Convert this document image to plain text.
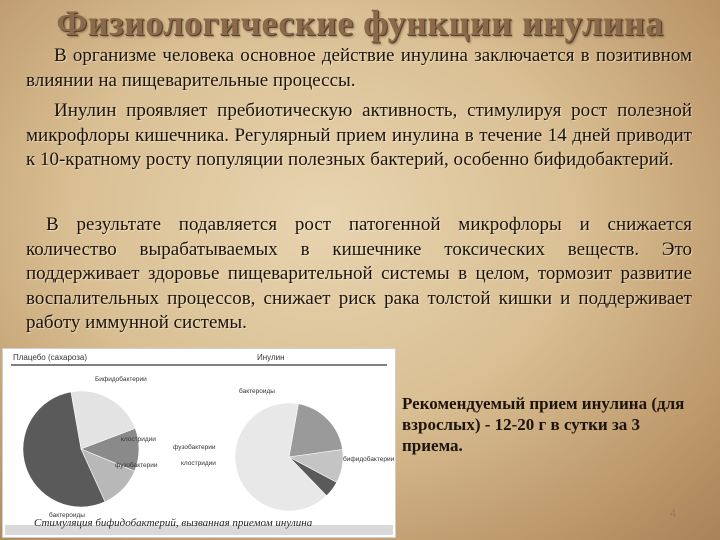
Физиологические функции инулина

В организме человека основное действие инулина заключается в позитивном влиянии на пищеварительные процессы.

Инулин проявляет пребиотическую активность, стимулируя рост полезной микрофлоры кишечника. Регулярный прием инулина в течение 14 дней приводит к 10-кратному росту популяции полезных бактерий, особенно бифидобактерий.

В результате подавляется рост патогенной микрофлоры и снижается количество вырабатываемых в кишечнике токсических веществ. Это поддерживает здоровье пищеварительной системы в целом, тормозит развитие воспалительных процессов, снижает риск рака толстой кишки и поддерживает работу иммунной системы.

Плацебо (сахароза)
Бифидобактерии
клостридии
фузобактерии
бактероиды
Инулин
бактероиды
фузобактерии
клостридии
бифидобактерии
Стимуляция бифидобактерий, вызванная приемом инулина
Рекомендуемый прием инулина (для взрослых) - 12-20 г в сутки за 3 приема.
4
